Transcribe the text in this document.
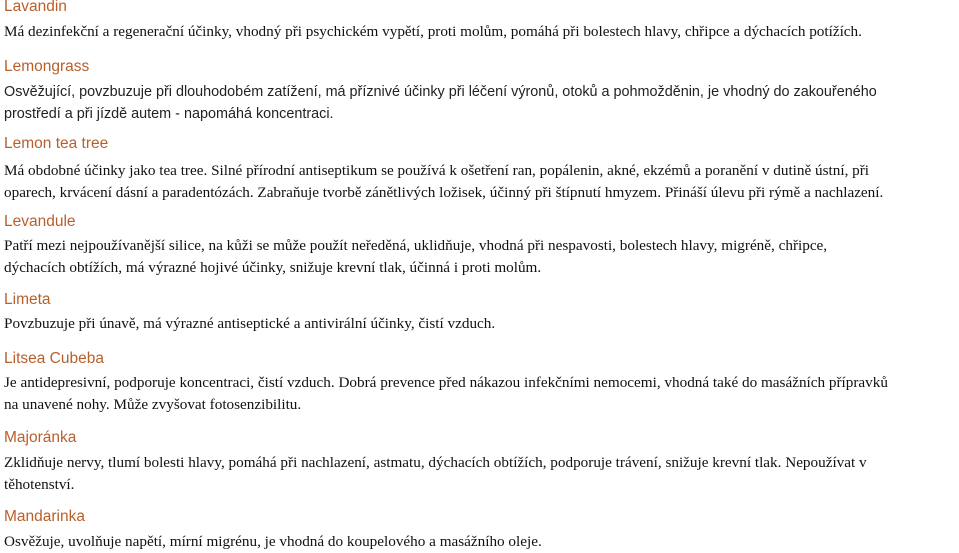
Lavandin
Má dezinfekční a regenerační účinky, vhodný při psychickém vypětí, proti molům, pomáhá při bolestech hlavy, chřipce a dýchacích potížích.
Lemongrass
Osvěžující, povzbuzuje při dlouhodobém zatížení, má příznivé účinky při léčení výronů, otoků a pohmožděnin, je vhodný do zakouřeného
prostředí a při jízdě autem - napomáhá koncentraci.
Lemon tea tree
Má obdobné účinky jako tea tree. Silné přírodní antiseptikum se používá k ošetření ran, popálenin, akné, ekzémů a poranění v dutině ústní, při
oparech, krvácení dásní a paradentózách. Zabraňuje tvorbě zánětlivých ložisek, účinný při štípnutí hmyzem. Přináší úlevu při rýmě a nachlazení.
Levandule
Patří mezi nejpoužívanější silice, na kůži se může použít neředěná, uklidňuje, vhodná při nespavosti, bolestech hlavy, migréně, chřipce,
dýchacích obtížích, má výrazné hojivé účinky, snižuje krevní tlak, účinná i proti molům.
Limeta
Povzbuzuje při únavě, má výrazné antiseptické a antivirální účinky, čistí vzduch.
Litsea Cubeba
Je antidepresivní, podporuje koncentraci, čistí vzduch. Dobrá prevence před nákazou infekčními nemocemi, vhodná také do masážních přípravků
na unavené nohy. Může zvyšovat fotosenzibilitu.
Majoránka
Zklidňuje nervy, tlumí bolesti hlavy, pomáhá při nachlazení, astmatu, dýchacích obtížích, podporuje trávení, snižuje krevní tlak. Nepoužívat v
těhotenství.
Mandarinka
Osvěžuje, uvolňuje napětí, mírní migrénu, je vhodná do koupelového a masážního oleje.
